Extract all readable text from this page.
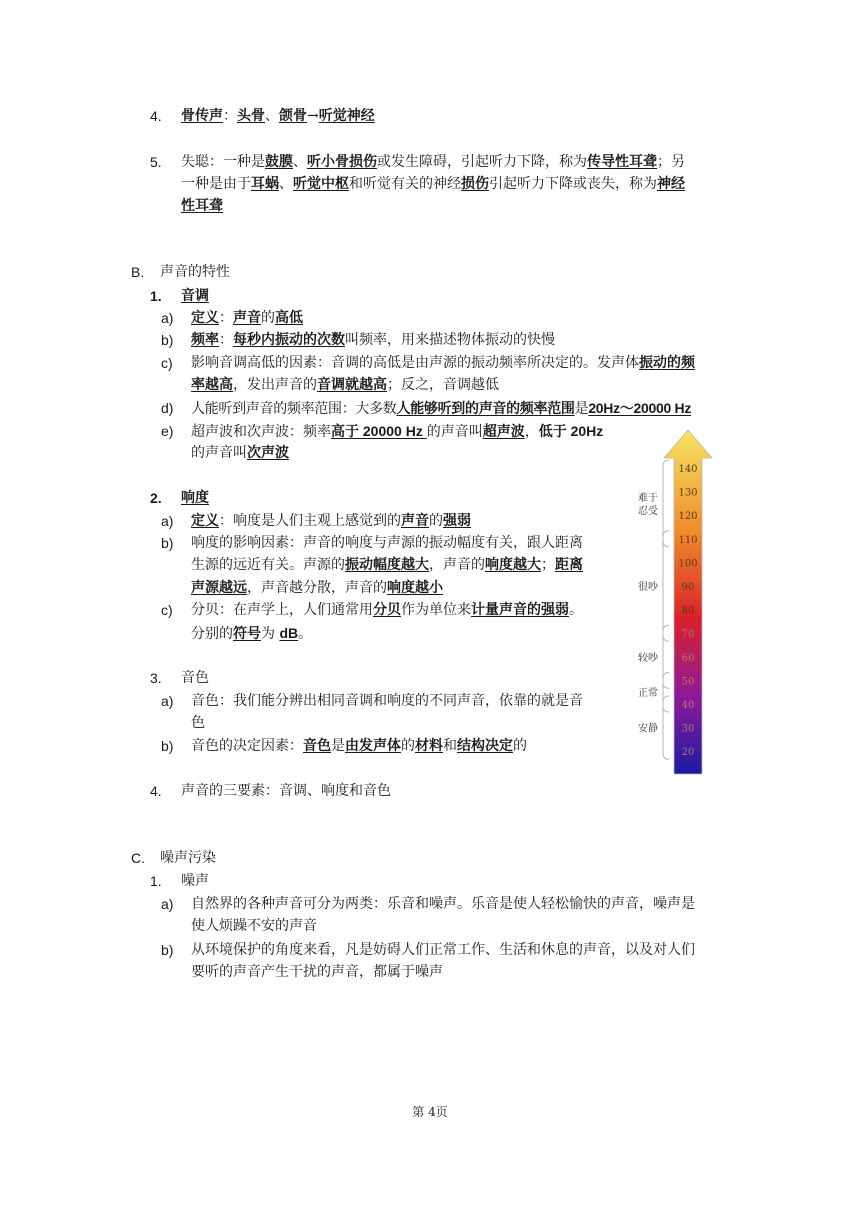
4. 骨传声：头骨、颌骨→听觉神经
5. 失聪：一种是鼓膜、听小骨损伤或发生障碍，引起听力下降，称为传导性耳聋；另
一种是由于耳蜗、听觉中枢和听觉有关的神经损伤引起听力下降或丧失，称为神经
性耳聋
B. 声音的特性
1. 音调
a) 定义：声音的高低
b) 频率：每秒内振动的次数叫频率，用来描述物体振动的快慢
c) 影响音调高低的因素：音调的高低是由声源的振动频率所决定的。发声体振动的频
率越高，发出声音的音调就越高；反之，音调越低
d) 人能听到声音的频率范围：大多数人能够听到的声音的频率范围是20Hz～20000 Hz
e) 超声波和次声波：频率高于 20000 Hz 的声音叫超声波，低于 20Hz
的声音叫次声波
2. 响度
a) 定义：响度是人们主观上感觉到的声音的强弱
b) 响度的影响因素：声音的响度与声源的振动幅度有关，跟人距离
生源的远近有关。声源的振动幅度越大，声音的响度越大；距离
声源越远，声音越分散，声音的响度越小
c) 分贝：在声学上，人们通常用分贝作为单位来计量声音的强弱。
分别的符号为 dB。
3. 音色
a) 音色：我们能分辨出相同音调和响度的不同声音，依靠的就是音
色
b) 音色的决定因素：音色是由发声体的材料和结构决定的
4. 声音的三要素：音调、响度和音色
C. 噪声污染
1. 噪声
a) 自然界的各种声音可分为两类：乐音和噪声。乐音是使人轻松愉快的声音，噪声是
使人烦躁不安的声音
b) 从环境保护的角度来看，凡是妨碍人们正常工作、生活和休息的声音，以及对人们
要听的声音产生干扰的声音，都属于噪声
140
130
120
110
100
90
80
70
60
50
40
30
20
难于
忍受
很吵
较吵
正常
安静
第 4页
